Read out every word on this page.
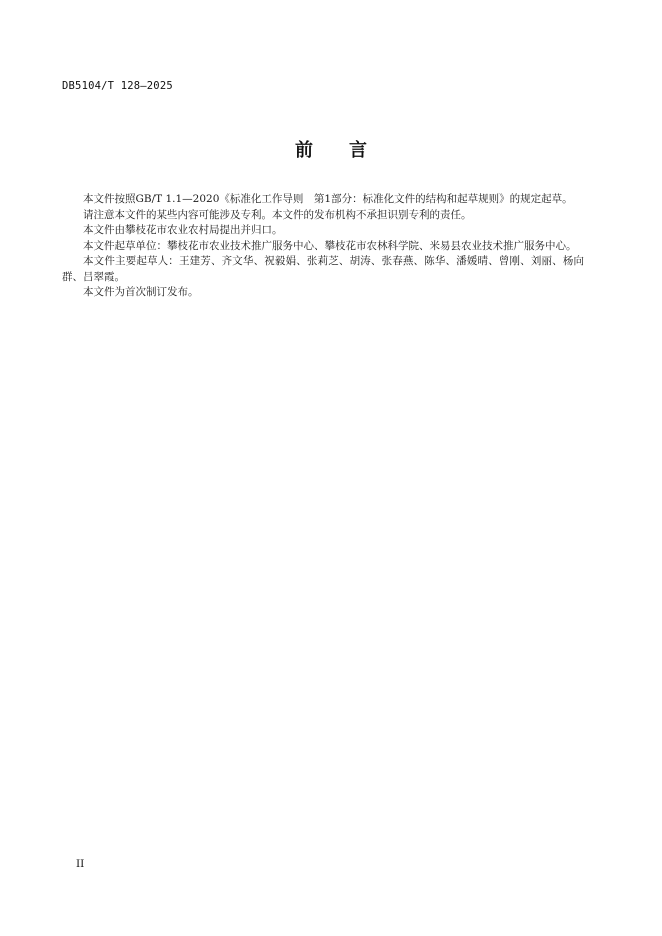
DB5104/T 128—2025
前 言

本文件按照GB/T 1.1—2020《标准化工作导则　第1部分：标准化文件的结构和起草规则》的规定起草。

请注意本文件的某些内容可能涉及专利。本文件的发布机构不承担识别专利的责任。

本文件由攀枝花市农业农村局提出并归口。

本文件起草单位：攀枝花市农业技术推广服务中心、攀枝花市农林科学院、米易县农业技术推广服务中心。

本文件主要起草人：王建芳、齐文华、祝毅娟、张莉芝、胡涛、张春燕、陈华、潘媛晴、曾刚、刘丽、杨向群、吕翠霞。

本文件为首次制订发布。

II
